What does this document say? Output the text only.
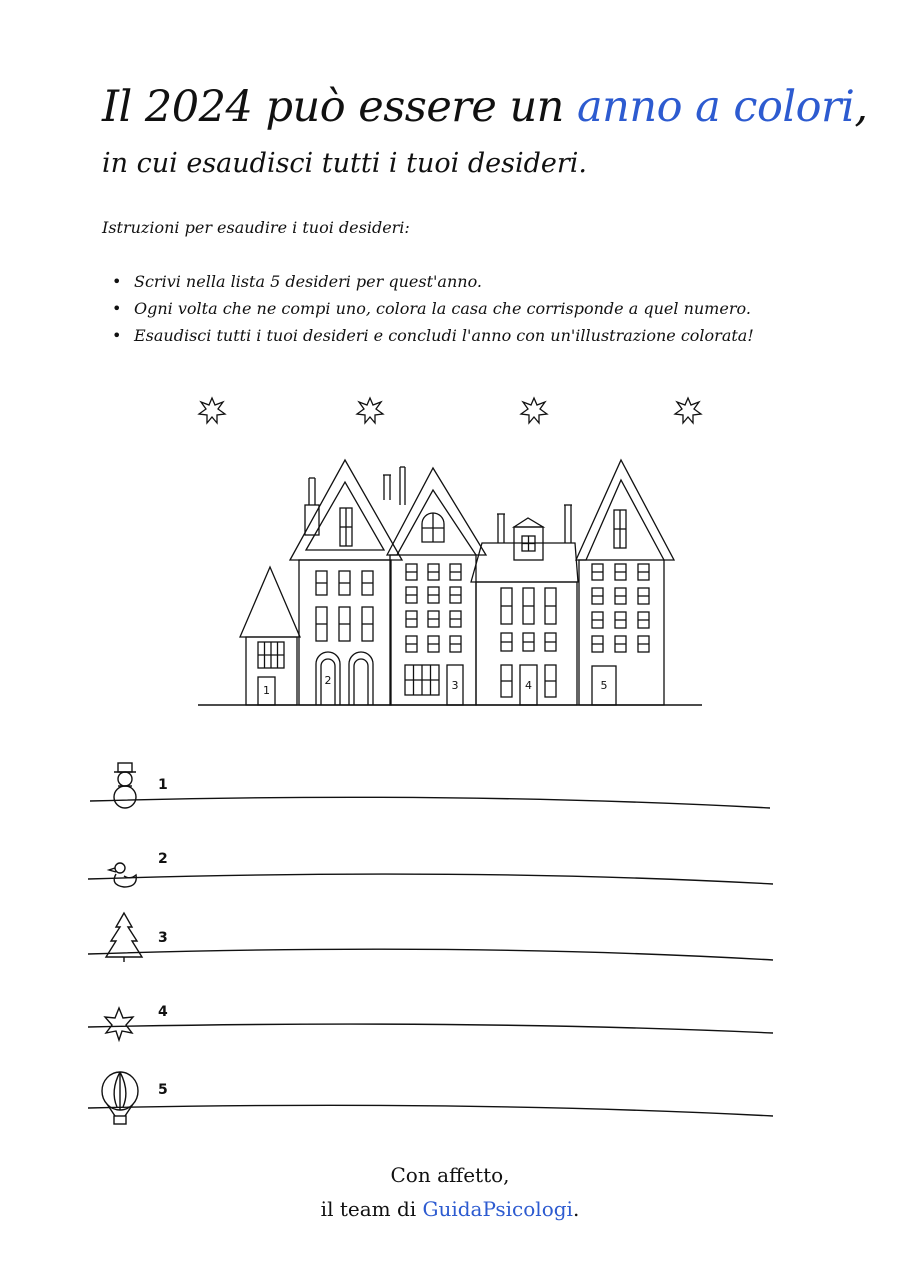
Il 2024 può essere un anno a colori,
in cui esaudisci tutti i tuoi desideri.
Istruzioni per esaudire i tuoi desideri:
• Scrivi nella lista 5 desideri per quest'anno.
• Ogni volta che ne compi uno, colora la casa che corrisponde a quel numero.
• Esaudisci tutti i tuoi desideri e concludi l'anno con un'illustrazione colorata!
1
2	3	4	5
1
2
3
4
5
Con affetto,
il team di GuidaPsicologi.
